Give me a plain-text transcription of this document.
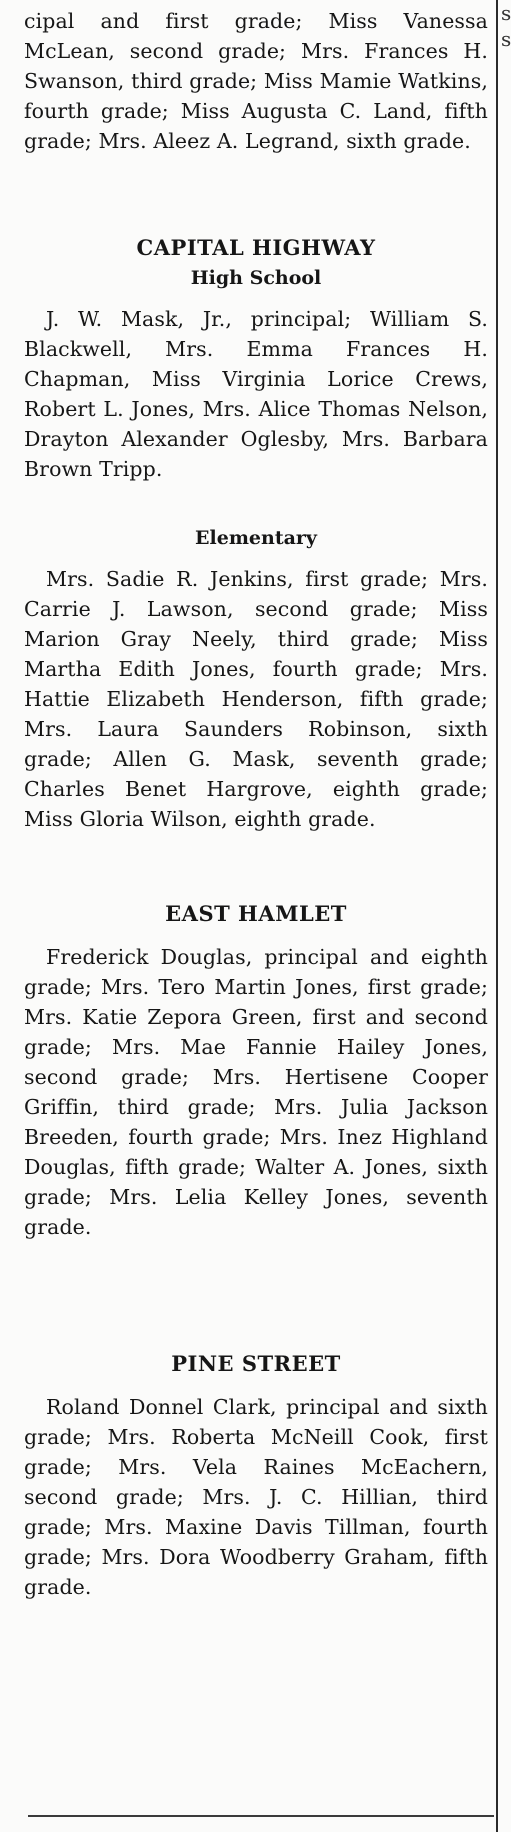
cipal and first grade; Miss Vanessa McLean, second grade; Mrs. Frances H. Swanson, third grade; Miss Mamie Watkins, fourth grade; Miss Augusta C. Land, fifth grade; Mrs. Aleez A. Legrand, sixth grade.

CAPITAL HIGHWAY
High School

J. W. Mask, Jr., principal; William S. Blackwell, Mrs. Emma Frances H. Chapman, Miss Virginia Lorice Crews, Robert L. Jones, Mrs. Alice Thomas Nelson, Drayton Alexander Oglesby, Mrs. Barbara Brown Tripp.

Elementary

Mrs. Sadie R. Jenkins, first grade; Mrs. Carrie J. Lawson, second grade; Miss Marion Gray Neely, third grade; Miss Martha Edith Jones, fourth grade; Mrs. Hattie Elizabeth Henderson, fifth grade; Mrs. Laura Saunders Robinson, sixth grade; Allen G. Mask, seventh grade; Charles Benet Hargrove, eighth grade; Miss Gloria Wilson, eighth grade.

EAST HAMLET

Frederick Douglas, principal and eighth grade; Mrs. Tero Martin Jones, first grade; Mrs. Katie Zepora Green, first and second grade; Mrs. Mae Fannie Hailey Jones, second grade; Mrs. Hertisene Cooper Griffin, third grade; Mrs. Julia Jackson Breeden, fourth grade; Mrs. Inez Highland Douglas, fifth grade; Walter A. Jones, sixth grade; Mrs. Lelia Kelley Jones, seventh grade.

PINE STREET

Roland Donnel Clark, principal and sixth grade; Mrs. Roberta McNeill Cook, first grade; Mrs. Vela Raines McEachern, second grade; Mrs. J. C. Hillian, third grade; Mrs. Maxine Davis Tillman, fourth grade; Mrs. Dora Woodberry Graham, fifth grade.

s
s
